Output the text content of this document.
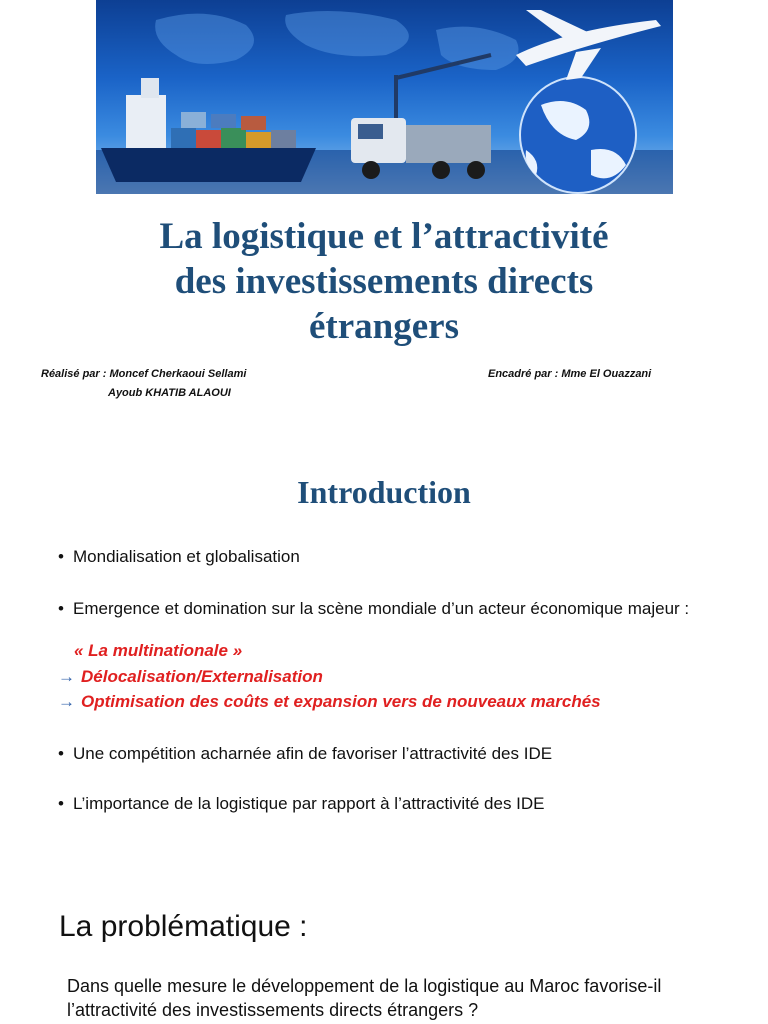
La logistique et l’attractivité
des investissements directs
étrangers
Réalisé par : Moncef Cherkaoui Sellami
Ayoub KHATIB ALAOUI
Encadré par : Mme El Ouazzani
Introduction
• Mondialisation et globalisation
• Emergence et domination sur la scène mondiale d’un acteur économique majeur :
« La multinationale »
→ Délocalisation/Externalisation
→ Optimisation des coûts et expansion vers de nouveaux marchés
• Une compétition acharnée afin de favoriser l’attractivité des IDE
• L’importance de la logistique par rapport à l’attractivité des IDE
La problématique :
Dans quelle mesure le développement de la logistique au Maroc favorise-il l’attractivité des investissements directs étrangers ?
